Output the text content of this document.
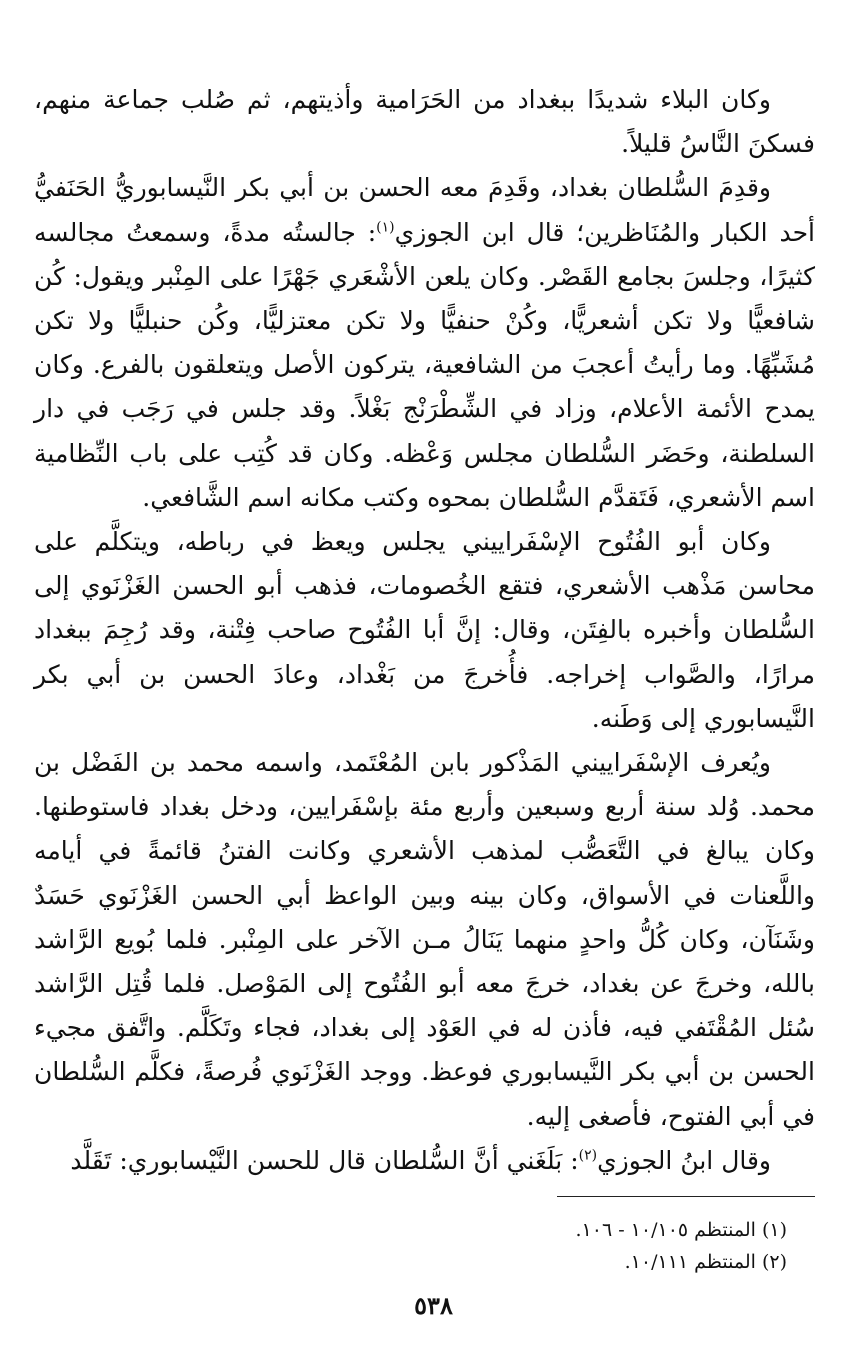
وكان البلاء شديدًا ببغداد من الحَرَامية وأذيتهم، ثم صُلب جماعة منهم، فسكنَ النَّاسُ قليلاً.

وقدِمَ السُّلطان بغداد، وقَدِمَ معه الحسن بن أبي بكر النَّيسابوريُّ الحَنَفيُّ أحد الكبار والمُنَاظرين؛ قال ابن الجوزي$^{(١)}$: جالستُه مدةً، وسمعتُ مجالسه كثيرًا، وجلسَ بجامع القَصْر. وكان يلعن الأشْعَري جَهْرًا على المِنْبر ويقول: كُن شافعيًّا ولا تكن أشعريًّا، وكُنْ حنفيًّا ولا تكن معتزليًّا، وكُن حنبليًّا ولا تكن مُشَبِّهًا. وما رأيتُ أعجبَ من الشافعية، يتركون الأصل ويتعلقون بالفرع. وكان يمدح الأئمة الأعلام، وزاد في الشِّطْرَنْج بَغْلاً. وقد جلس في رَجَب في دار السلطنة، وحَضَر السُّلطان مجلس وَعْظه. وكان قد كُتِب على باب النِّظامية اسم الأشعري، فَتَقدَّم السُّلطان بمحوه وكتب مكانه اسم الشَّافعي.

وكان أبو الفُتُوح الإسْفَراييني يجلس ويعظ في رباطه، ويتكلَّم على محاسن مَذْهب الأشعري، فتقع الخُصومات، فذهب أبو الحسن الغَزْنَوي إلى السُّلطان وأخبره بالفِتَن، وقال: إنَّ أبا الفُتُوح صاحب فِتْنة، وقد رُجِمَ ببغداد مرارًا، والصَّواب إخراجه. فأُخرجَ من بَغْداد، وعادَ الحسن بن أبي بكر النَّيسابوري إلى وَطَنه.

ويُعرف الإسْفَراييني المَذْكور بابن المُعْتَمد، واسمه محمد بن الفَضْل بن محمد. وُلد سنة أربع وسبعين وأربع مئة بإسْفَرايين، ودخل بغداد فاستوطنها. وكان يبالغ في التَّعَصُّب لمذهب الأشعري وكانت الفتنُ قائمةً في أيامه واللَّعنات في الأسواق، وكان بينه وبين الواعظ أبي الحسن الغَزْنَوي حَسَدٌ وشَنَآن، وكان كُلُّ واحدٍ منهما يَنَالُ مـن الآخر على المِنْبر. فلما بُويع الرَّاشد بالله، وخرجَ عن بغداد، خرجَ معه أبو الفُتُوح إلى المَوْصل. فلما قُتِل الرَّاشد سُئل المُقْتَفي فيه، فأذن له في العَوْد إلى بغداد، فجاء وتَكَلَّم. واتَّفق مجيء الحسن بن أبي بكر النَّيسابوري فوعظ. ووجد الغَزْنَوي فُرصةً، فكلَّم السُّلطان في أبي الفتوح، فأصغى إليه.

وقال ابنُ الجوزي$^{(٢)}$: بَلَغَني أنَّ السُّلطان قال للحسن النَّيْسابوري: تَقَلَّد

(١) المنتظم ١٠/١٠٥ - ١٠٦.

(٢) المنتظم ١٠/١١١.

٥٣٨
